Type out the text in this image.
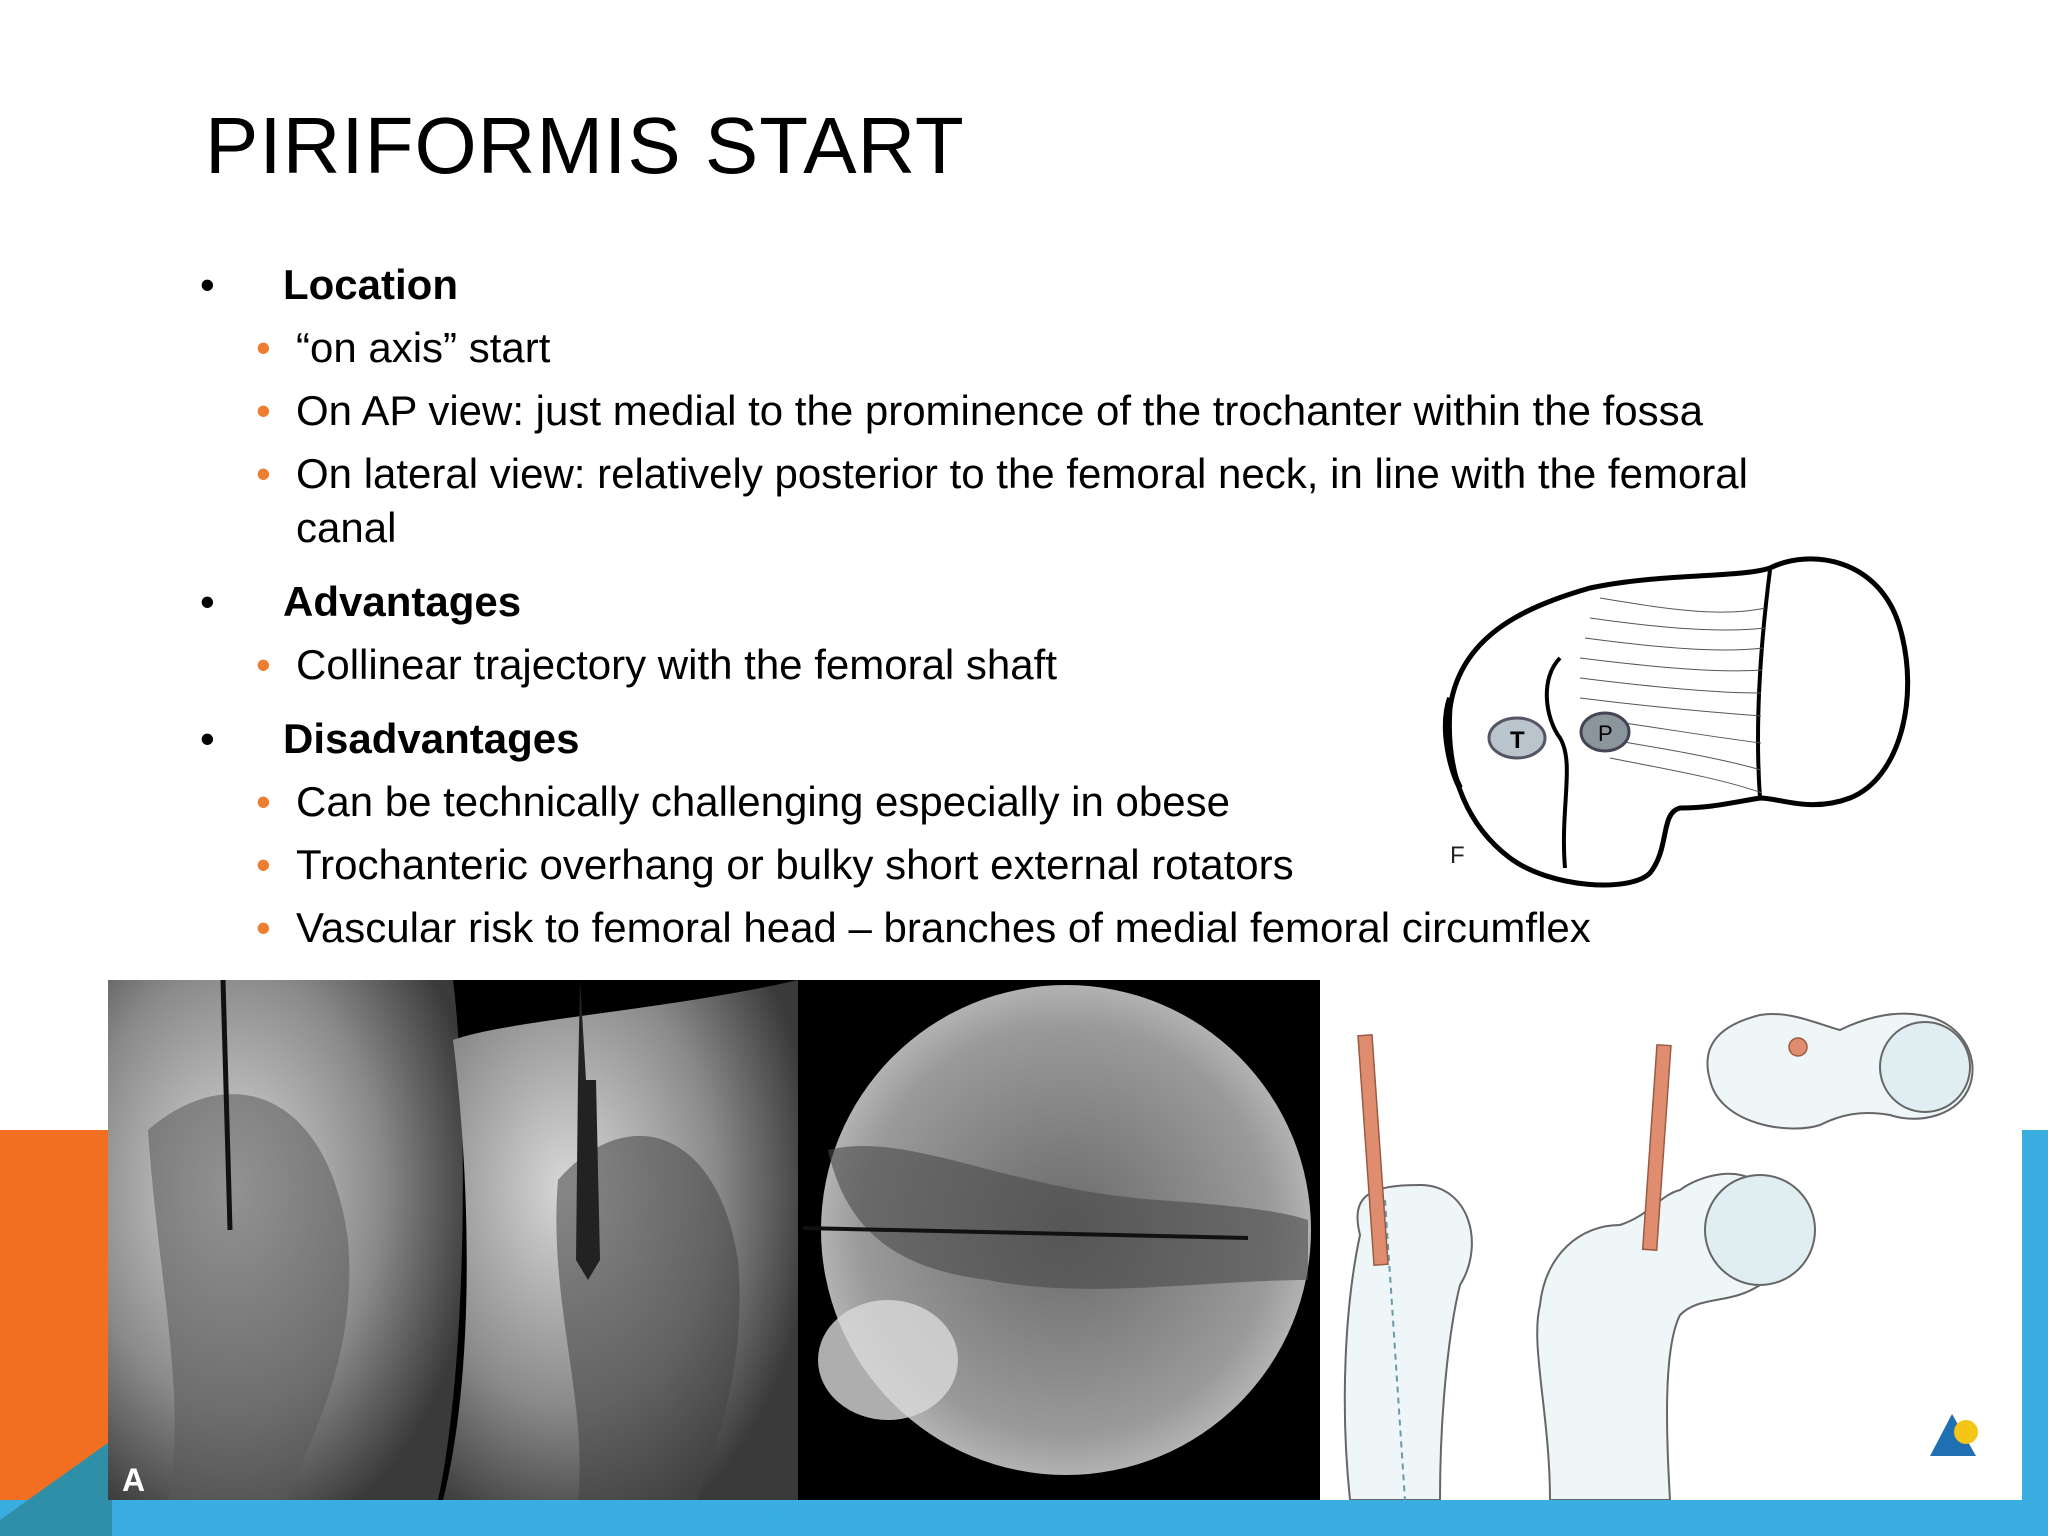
PIRIFORMIS START
• Location
• “on axis” start
• On AP view: just medial to the prominence of the trochanter within the fossa
• On lateral view: relatively posterior to the femoral neck, in line with the femoral canal
• Advantages
• Collinear trajectory with the femoral shaft
• Disadvantages
• Can be technically challenging especially in obese
• Trochanteric overhang or bulky short external rotators
• Vascular risk to femoral head – branches of medial femoral circumflex
T	P
F
A
